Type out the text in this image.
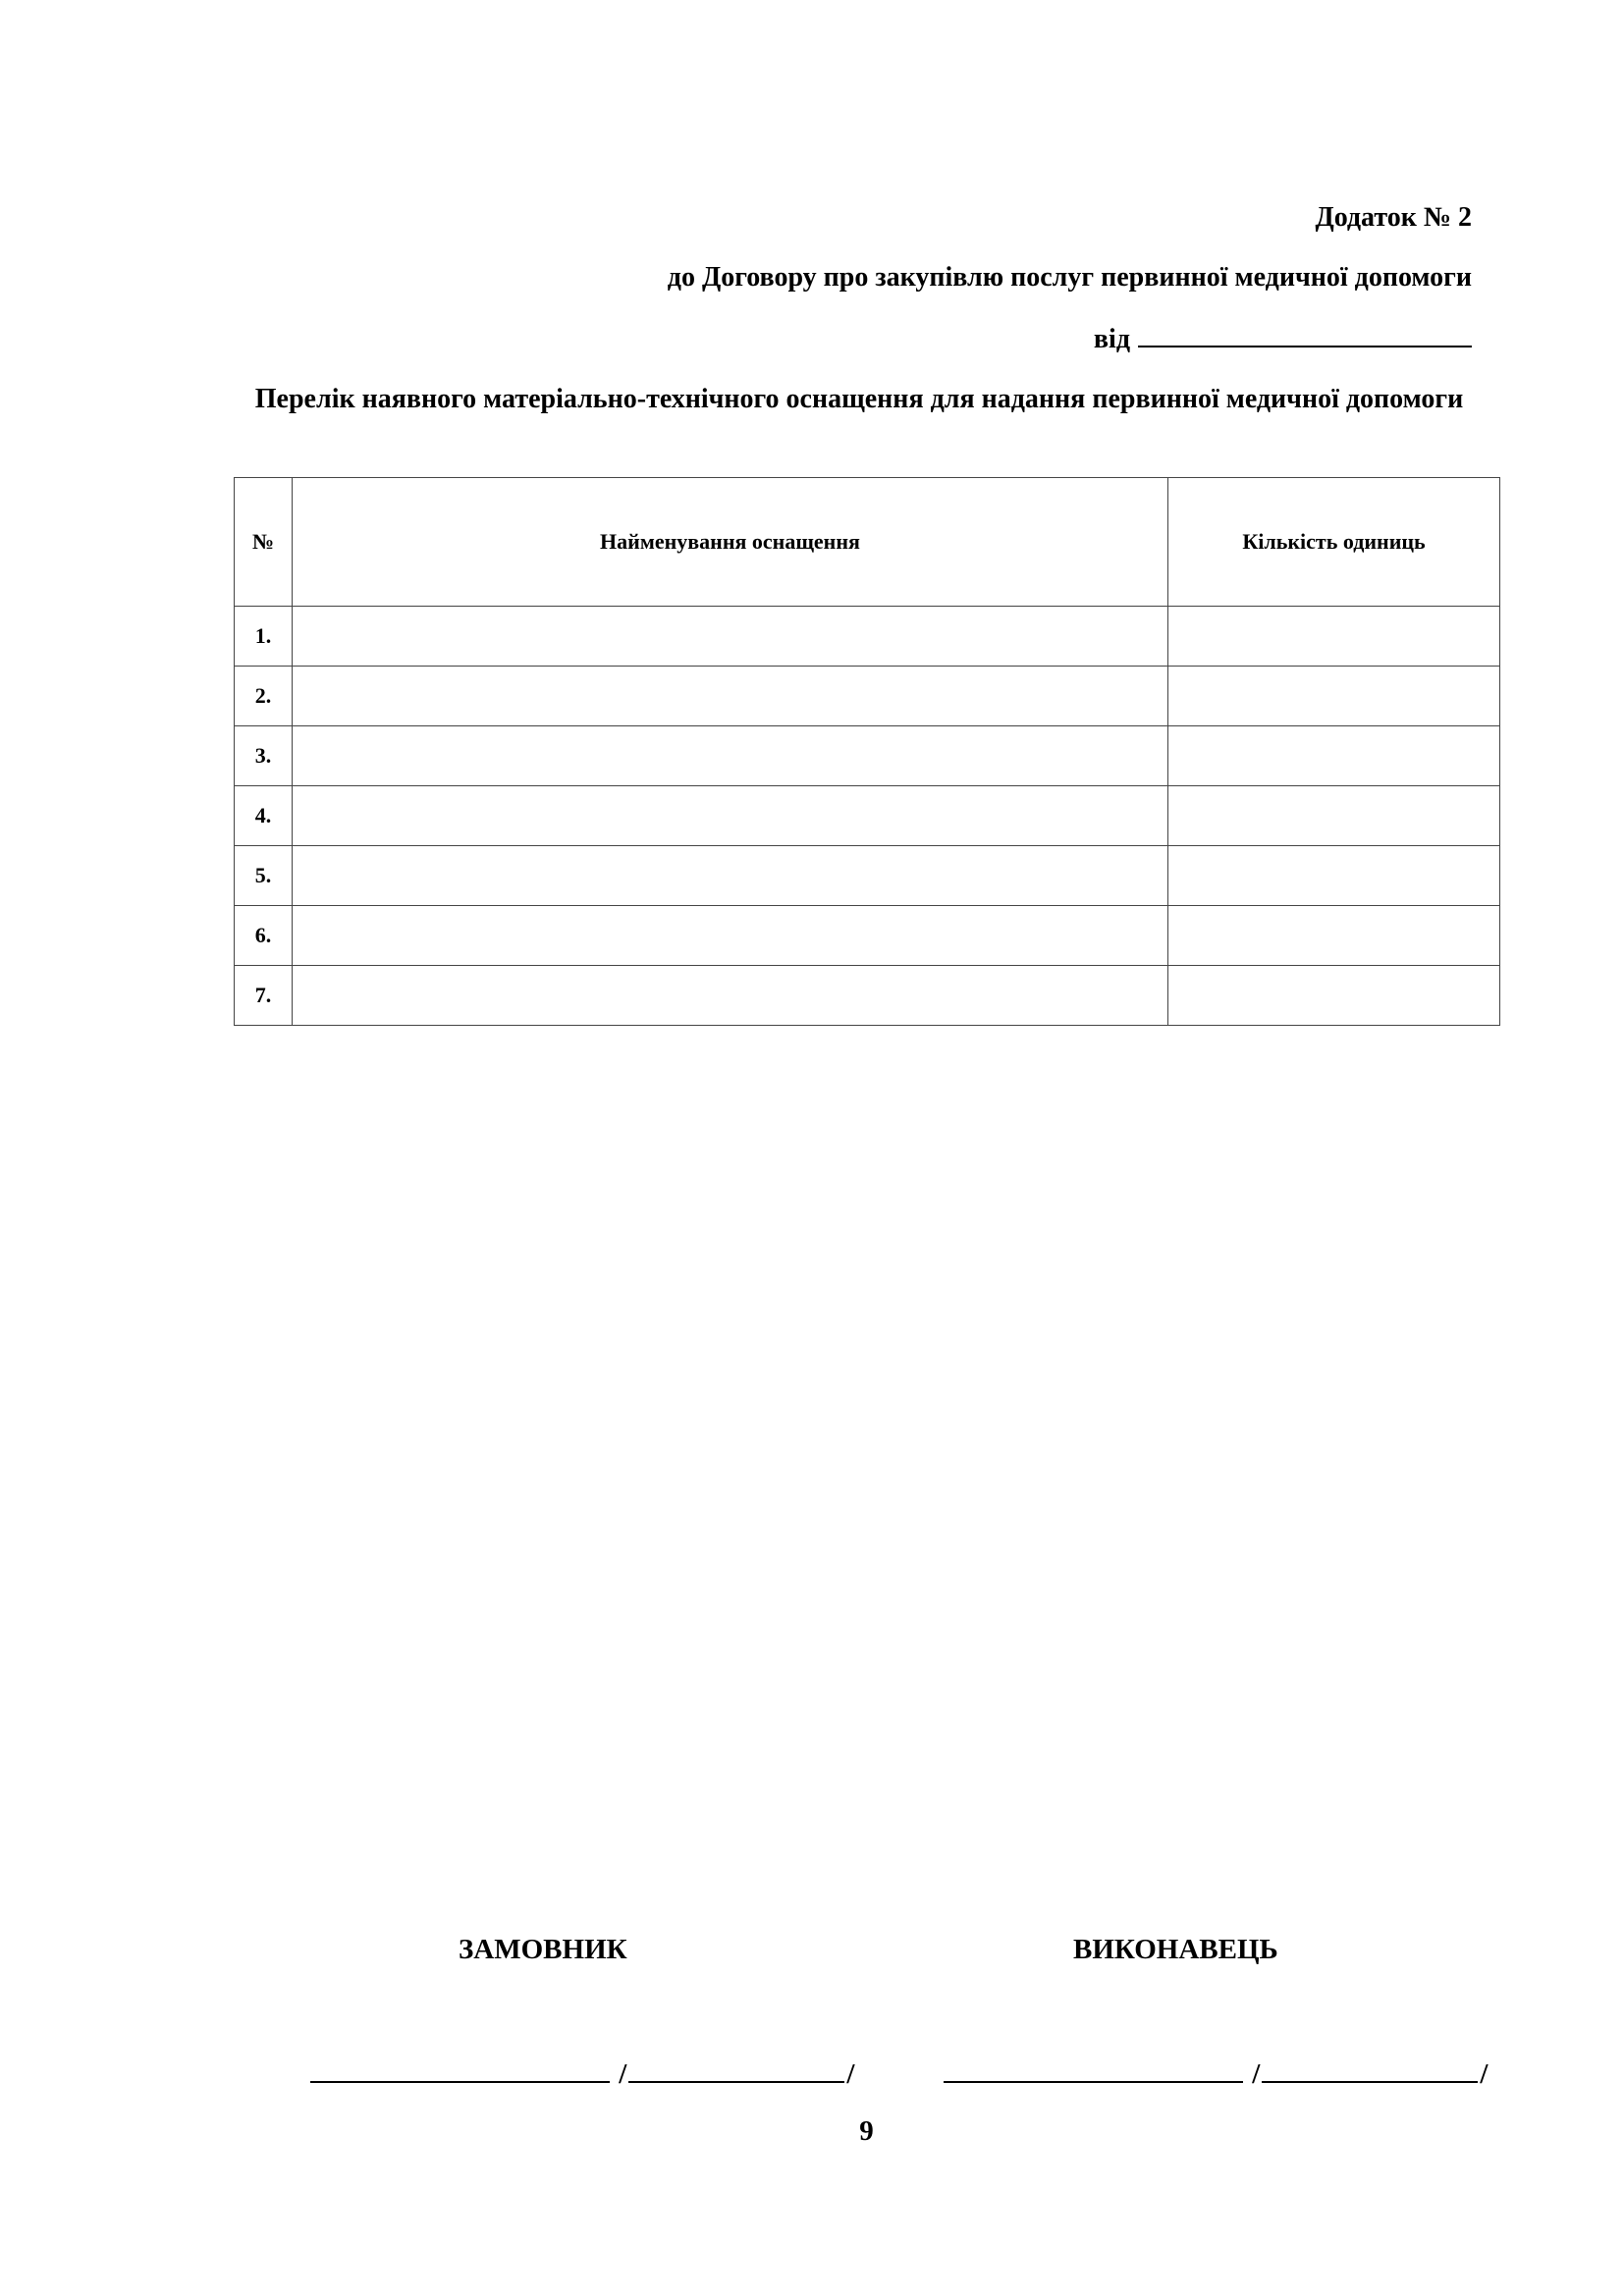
Додаток № 2
до Договору про закупівлю послуг первинної медичної допомоги
від
Перелік наявного матеріально-технічного оснащення для надання первинної медичної допомоги
№	Найменування оснащення	Кількість одиниць
1.		
2.		
3.		
4.		
5.		
6.		
7.		
ЗАМОВНИК	ВИКОНАВЕЦЬ
/	/	/	/
9
